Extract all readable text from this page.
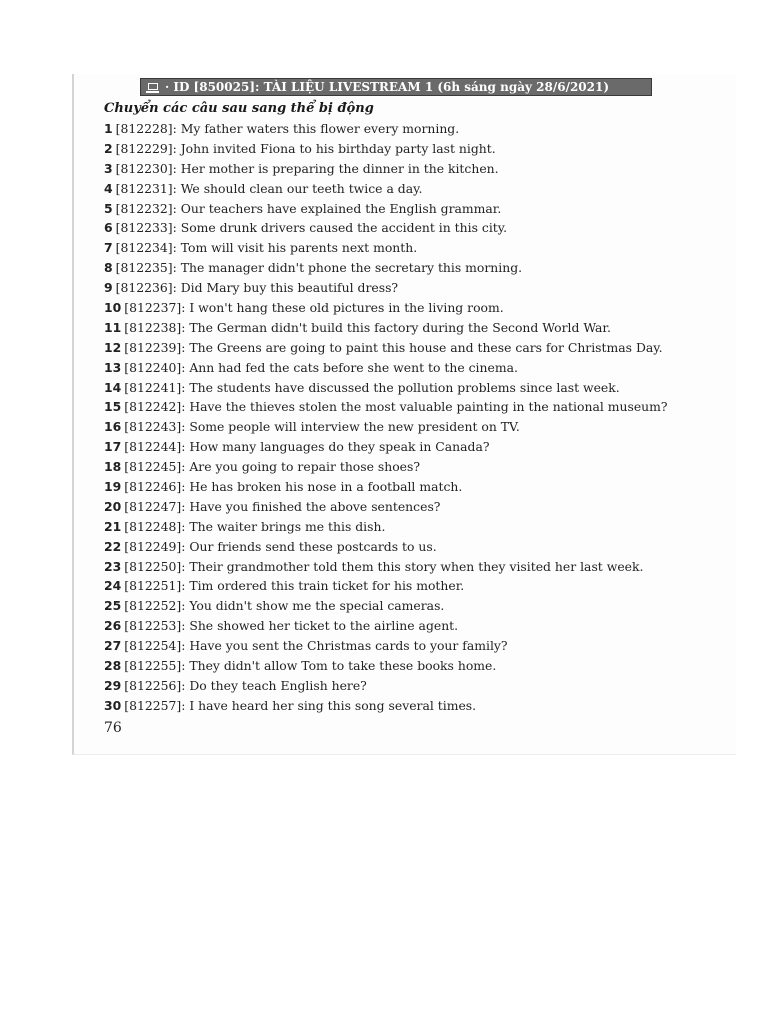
· ID [850025]: TÀI LIỆU LIVESTREAM 1 (6h sáng ngày 28/6/2021)
Chuyển các câu sau sang thể bị động
1 [812228]: My father waters this flower every morning.
2 [812229]: John invited Fiona to his birthday party last night.
3 [812230]: Her mother is preparing the dinner in the kitchen.
4 [812231]: We should clean our teeth twice a day.
5 [812232]: Our teachers have explained the English grammar.
6 [812233]: Some drunk drivers caused the accident in this city.
7 [812234]: Tom will visit his parents next month.
8 [812235]: The manager didn't phone the secretary this morning.
9 [812236]: Did Mary buy this beautiful dress?
10 [812237]: I won't hang these old pictures in the living room.
11 [812238]: The German didn't build this factory during the Second World War.
12 [812239]: The Greens are going to paint this house and these cars for Christmas Day.
13 [812240]: Ann had fed the cats before she went to the cinema.
14 [812241]: The students have discussed the pollution problems since last week.
15 [812242]: Have the thieves stolen the most valuable painting in the national museum?
16 [812243]: Some people will interview the new president on TV.
17 [812244]: How many languages do they speak in Canada?
18 [812245]: Are you going to repair those shoes?
19 [812246]: He has broken his nose in a football match.
20 [812247]: Have you finished the above sentences?
21 [812248]: The waiter brings me this dish.
22 [812249]: Our friends send these postcards to us.
23 [812250]: Their grandmother told them this story when they visited her last week.
24 [812251]: Tim ordered this train ticket for his mother.
25 [812252]: You didn't show me the special cameras.
26 [812253]: She showed her ticket to the airline agent.
27 [812254]: Have you sent the Christmas cards to your family?
28 [812255]: They didn't allow Tom to take these books home.
29 [812256]: Do they teach English here?
30 [812257]: I have heard her sing this song several times.
76
